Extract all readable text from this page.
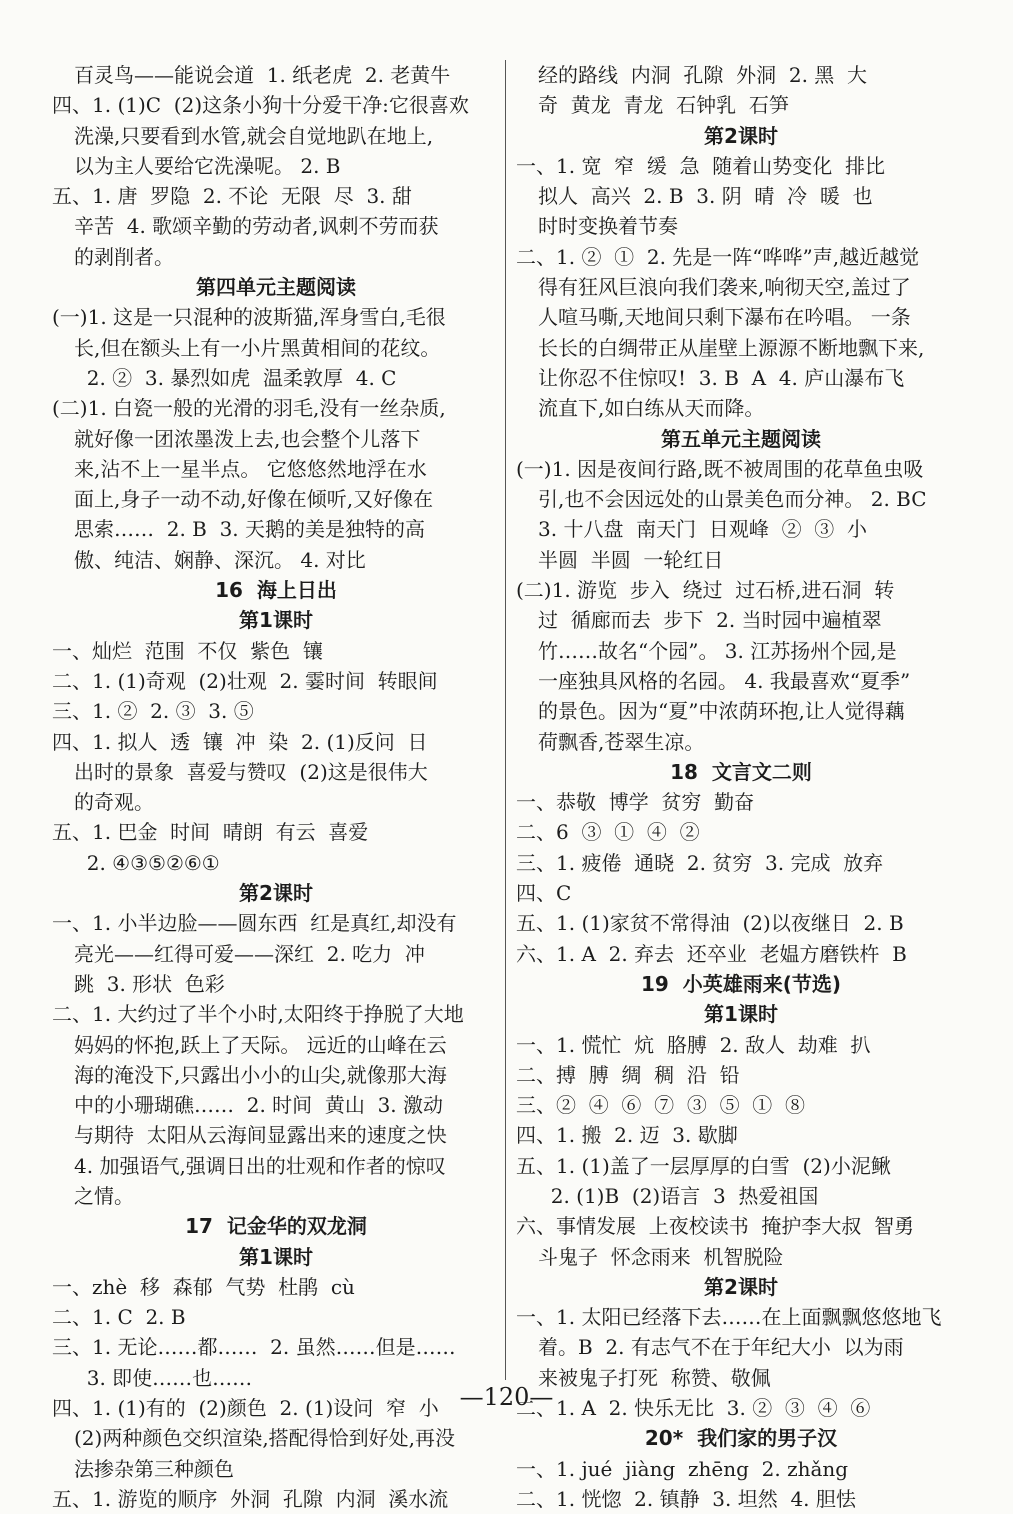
百灵鸟——能说会道  1. 纸老虎  2. 老黄牛
四、1. (1)C  (2)这条小狗十分爱干净:它很喜欢
洗澡,只要看到水管,就会自觉地趴在地上,
以为主人要给它洗澡呢。 2. B
五、1. 唐  罗隐  2. 不论  无限  尽  3. 甜
辛苦  4. 歌颂辛勤的劳动者,讽刺不劳而获
的剥削者。
第四单元主题阅读
(一)1. 这是一只混种的波斯猫,浑身雪白,毛很
长,但在额头上有一小片黑黄相间的花纹。
2. ②  3. 暴烈如虎  温柔敦厚  4. C
(二)1. 白瓷一般的光滑的羽毛,没有一丝杂质,
就好像一团浓墨泼上去,也会整个儿落下
来,沾不上一星半点。 它悠悠然地浮在水
面上,身子一动不动,好像在倾听,又好像在
思索……  2. B  3. 天鹅的美是独特的高
傲、纯洁、娴静、深沉。 4. 对比
16  海上日出
第1课时
一、灿烂  范围  不仅  紫色  镶
二、1. (1)奇观  (2)壮观  2. 霎时间  转眼间
三、1. ②  2. ③  3. ⑤
四、1. 拟人  透  镶  冲  染  2. (1)反问  日
出时的景象  喜爱与赞叹  (2)这是很伟大
的奇观。
五、1. 巴金  时间  晴朗  有云  喜爱
2. ④③⑤②⑥①
第2课时
一、1. 小半边脸——圆东西  红是真红,却没有
亮光——红得可爱——深红  2. 吃力  冲
跳  3. 形状  色彩
二、1. 大约过了半个小时,太阳终于挣脱了大地
妈妈的怀抱,跃上了天际。 远近的山峰在云
海的淹没下,只露出小小的山尖,就像那大海
中的小珊瑚礁……  2. 时间  黄山  3. 激动
与期待  太阳从云海间显露出来的速度之快
4. 加强语气,强调日出的壮观和作者的惊叹
之情。
17  记金华的双龙洞
第1课时
一、zhè  移  森郁  气势  杜鹃  cù
二、1. C  2. B
三、1. 无论……都……  2. 虽然……但是……
3. 即使……也……
四、1. (1)有的  (2)颜色  2. (1)设问  窄  小
(2)两种颜色交织渲染,搭配得恰到好处,再没
法掺杂第三种颜色
五、1. 游览的顺序  外洞  孔隙  内洞  溪水流
经的路线  内洞  孔隙  外洞  2. 黑  大
奇  黄龙  青龙  石钟乳  石笋
第2课时
一、1. 宽  窄  缓  急  随着山势变化  排比
拟人  高兴  2. B  3. 阴  晴  冷  暖  也
时时变换着节奏
二、1. ②  ①  2. 先是一阵“哗哗”声,越近越觉
得有狂风巨浪向我们袭来,响彻天空,盖过了
人喧马嘶,天地间只剩下瀑布在吟唱。 一条
长长的白绸带正从崖壁上源源不断地飘下来,
让你忍不住惊叹!  3. B  A  4. 庐山瀑布飞
流直下,如白练从天而降。
第五单元主题阅读
(一)1. 因是夜间行路,既不被周围的花草鱼虫吸
引,也不会因远处的山景美色而分神。 2. BC
3. 十八盘  南天门  日观峰  ②  ③  小
半圆  半圆  一轮红日
(二)1. 游览  步入  绕过  过石桥,进石洞  转
过  循廊而去  步下  2. 当时园中遍植翠
竹……故名“个园”。 3. 江苏扬州个园,是
一座独具风格的名园。 4. 我最喜欢“夏季”
的景色。因为“夏”中浓荫环抱,让人觉得藕
荷飘香,苍翠生凉。
18  文言文二则
一、恭敬  博学  贫穷  勤奋
二、6  ③  ①  ④  ②
三、1. 疲倦  通晓  2. 贫穷  3. 完成  放弃
四、C
五、1. (1)家贫不常得油  (2)以夜继日  2. B
六、1. A  2. 弃去  还卒业  老媪方磨铁杵  B
19  小英雄雨来(节选)
第1课时
一、1. 慌忙  炕  胳膊  2. 敌人  劫难  扒
二、搏  膊  绸  稠  沿  铅
三、②  ④  ⑥  ⑦  ③  ⑤  ①  ⑧
四、1. 搬  2. 迈  3. 歇脚
五、1. (1)盖了一层厚厚的白雪  (2)小泥鳅
2. (1)B  (2)语言  3  热爱祖国
六、事情发展  上夜校读书  掩护李大叔  智勇
斗鬼子  怀念雨来  机智脱险
第2课时
一、1. 太阳已经落下去……在上面飘飘悠悠地飞
着。B  2. 有志气不在于年纪大小  以为雨
来被鬼子打死  称赞、敬佩
二、1. A  2. 快乐无比  3. ②  ③  ④  ⑥
20*  我们家的男子汉
一、1. jué  jiàng  zhēng  2. zhǎng
二、1. 恍惚  2. 镇静  3. 坦然  4. 胆怯
—120—
